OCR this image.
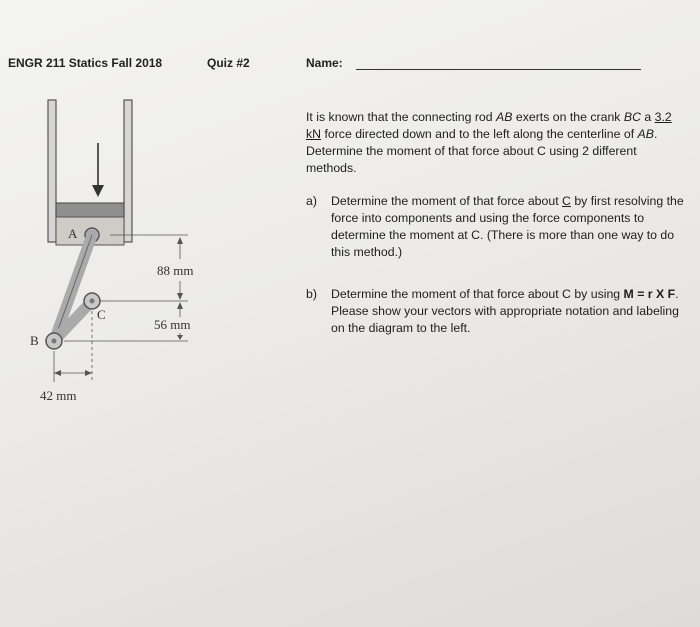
ENGR 211 Statics Fall 2018	Quiz #2	Name:
It is known that the connecting rod AB exerts on the crank BC a 3.2 kN force directed down and to the left along the centerline of AB. Determine the moment of that force about C using 2 different methods.
a) Determine the moment of that force about C by first resolving the force into components and using the force components to determine the moment at C. (There is more than one way to do this method.)
b) Determine the moment of that force about C by using M = r X F. Please show your vectors with appropriate notation and labeling on the diagram to the left.
A
C
B
88 mm
56 mm
42 mm
